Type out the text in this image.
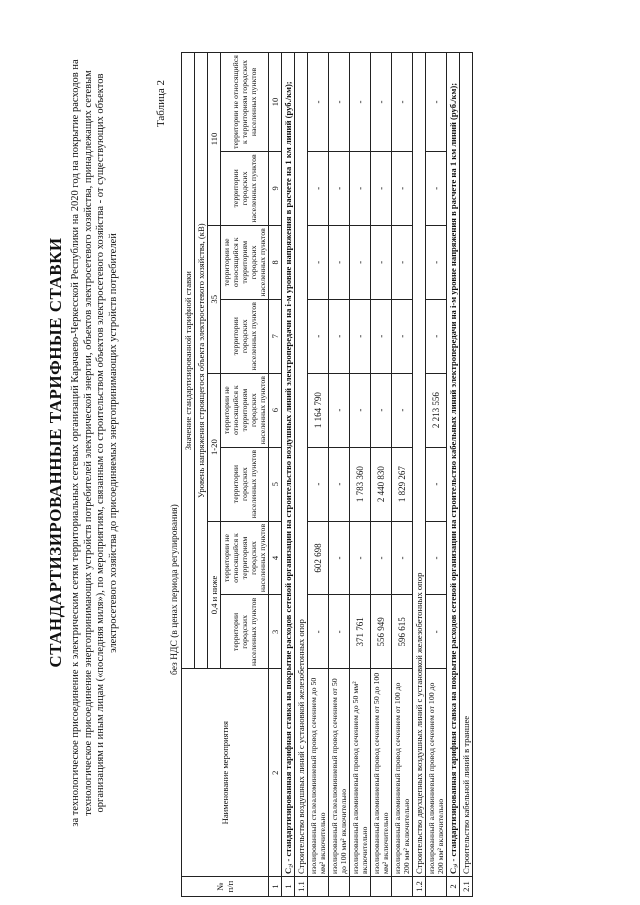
СТАНДАРТИЗИРОВАННЫЕ ТАРИФНЫЕ СТАВКИ за технологическое присоединение к электрическим сетям территориальных сетевых организаций Карачаево-Черкесской Республики на 2020 год на покрытие расходов на технологическое присоединение энергопринимающих устройств потребителей электрической энергии, объектов электросетевого хозяйства, принадлежащих сетевым организациям и иным лицам («последняя миля»), по мероприятиям, связанным со строительством объектов электросетевого хозяйства - от существующих объектов электросетевого хозяйства до присоединяемых энергопринимающих устройств потребителей
Таблица 2
без НДС (в ценах периода регулирования)
№ п/п	Наименование мероприятия	Значение стандартизированной тарифной ставки							
		Уровень напряжения строящегося объекта электросетевого хозяйства, (кВ)							
		0,4 и ниже		1-20		35		110	
		территории городских населенных пунктов	территории не относящийся к территориям городских населенных пунктов	территории городских населенных пунктов	территории не относящийся к территориям городских населенных пунктов	территории городских населенных пунктов	территории не относящийся к территориям городских населенных пунктов	территории городских населенных пунктов	территории не относящийся к территориям городских населенных пунктов
1	2	3	4	5	6	7	8	9	10
1	C₂ᵢ - стандартизированная тарифная ставка на покрытие расходов сетевой организации на строительство воздушных линий электропередачи на i-м уровне напряжения в расчете на 1 км линий (руб./км);								
1.1	Строительство воздушных линий с установкой железобетонных опор								
	изолированный сталеалюминиевый провод сечением до 50 мм² включительно	-	602 698	-	1 164 790	-	-	-	-
	изолированный сталеалюминиевый провод сечением от 50 до 100 мм² включительно	-	-	-	-	-	-	-	-
	изолированный алюминиевый провод сечением до 50 мм² включительно	371 761	-	1 783 360	-	-	-	-	-
	изолированный алюминиевый провод сечением от 50 до 100 мм² включительно	556 949	-	2 440 830	-	-	-	-	-
	изолированный алюминиевый провод сечением от 100 до 200 мм² включительно	596 615	-	1 829 267	-	-	-	-	-
1.2	Строительство двухцепных воздушных линий с установкой железобетонных опор								
	изолированный алюминиевый провод сечением от 100 до 200 мм² включительно	-	-	-	2 213 556	-	-	-	-
2	C₃ᵢ - стандартизированная тарифная ставка на покрытие расходов сетевой организации на строительство кабельных линий электропередачи на i-м уровне напряжения в расчете на 1 км линий (руб./км);								
2.1	Строительство кабельной линий в траншее								
